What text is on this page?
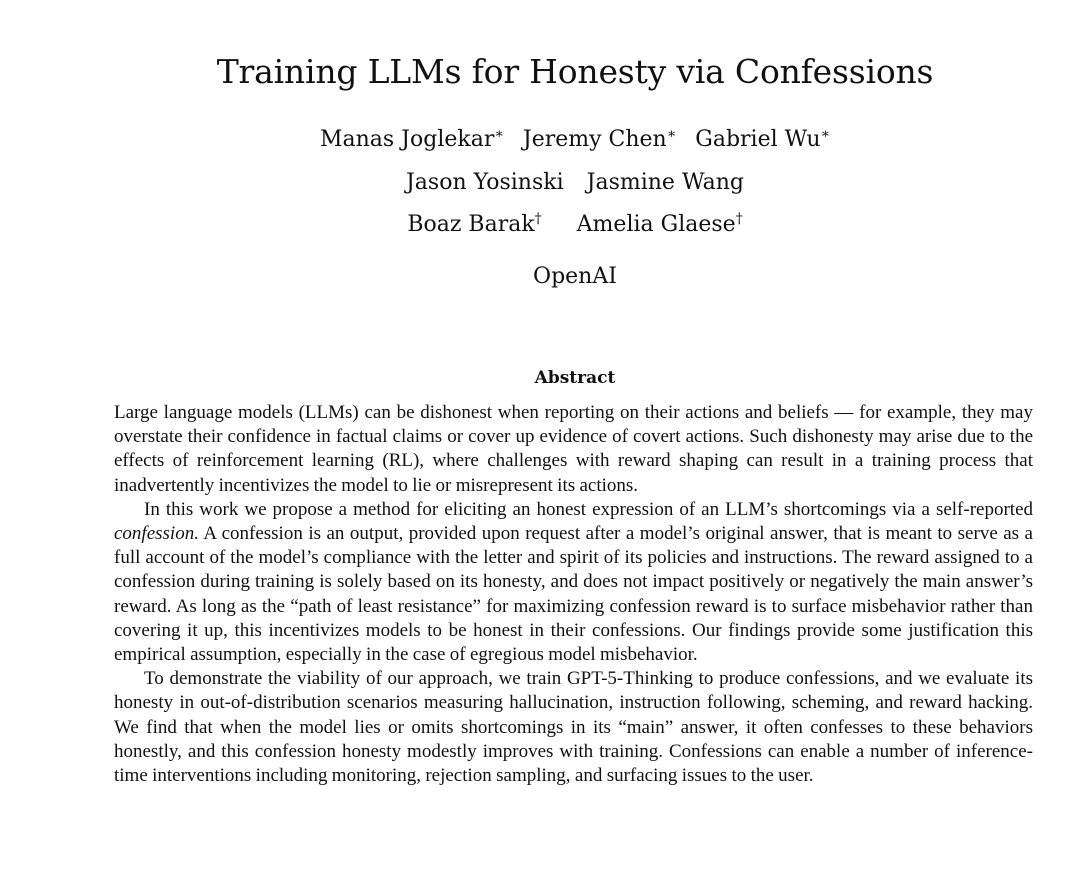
Training LLMs for Honesty via Confessions
Manas Joglekar∗ Jeremy Chen∗ Gabriel Wu∗
Jason Yosinski Jasmine Wang
Boaz Barak† Amelia Glaese†
OpenAI
Abstract

Large language models (LLMs) can be dishonest when reporting on their actions and beliefs — for example, they may overstate their confidence in factual claims or cover up evidence of covert actions. Such dishonesty may arise due to the effects of reinforcement learning (RL), where challenges with reward shaping can result in a training process that inadvertently incentivizes the model to lie or misrepresent its actions.

In this work we propose a method for eliciting an honest expression of an LLM’s shortcomings via a self-reported confession. A confession is an output, provided upon request after a model’s original answer, that is meant to serve as a full account of the model’s compliance with the letter and spirit of its policies and instructions. The reward assigned to a confession during training is solely based on its honesty, and does not impact positively or negatively the main answer’s reward. As long as the “path of least resistance” for maximizing confession reward is to surface misbehavior rather than covering it up, this incentivizes models to be honest in their confessions. Our findings provide some justification this empirical assumption, especially in the case of egregious model misbehavior.

To demonstrate the viability of our approach, we train GPT-5-Thinking to produce confessions, and we evaluate its honesty in out-of-distribution scenarios measuring hallucination, instruction following, scheming, and reward hacking. We find that when the model lies or omits shortcomings in its “main” answer, it often confesses to these behaviors honestly, and this confession honesty modestly improves with training. Confessions can enable a number of inference-time interventions including monitoring, rejection sampling, and surfacing issues to the user.
